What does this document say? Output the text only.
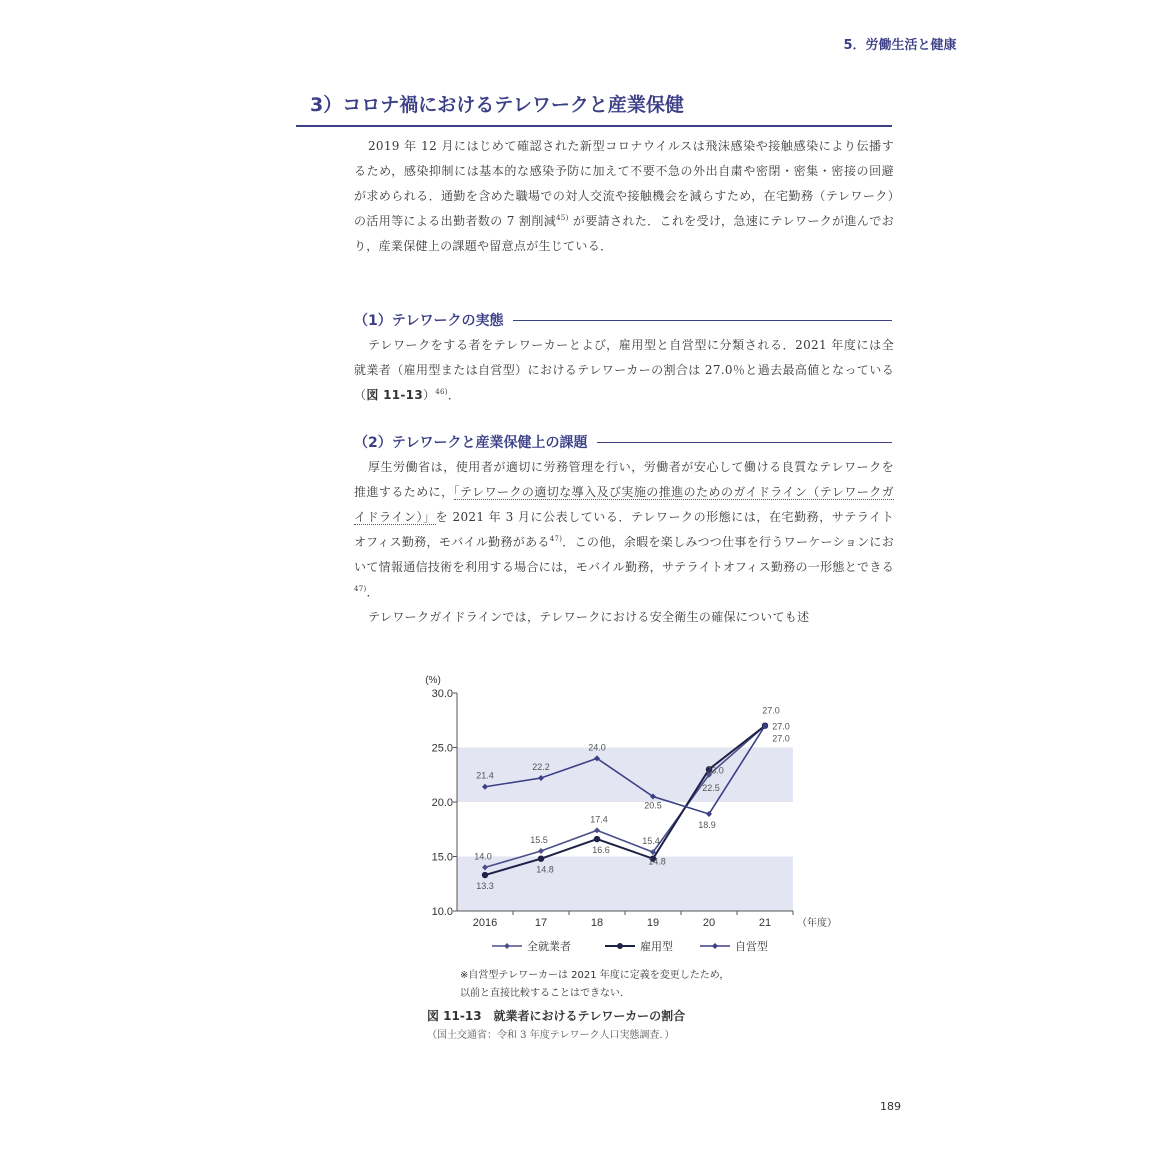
5．労働生活と健康
3）コロナ禍におけるテレワークと産業保健

2019 年 12 月にはじめて確認された新型コロナウイルスは飛沫感染や接触感染により伝播するため，感染抑制には基本的な感染予防に加えて不要不急の外出自粛や密閉・密集・密接の回避が求められる．通勤を含めた職場での対人交流や接触機会を減らすため，在宅勤務（テレワーク）の活用等による出勤者数の 7 割削減$^{45)}$ が要請された．これを受け，急速にテレワークが進んでおり，産業保健上の課題や留意点が生じている．

（1）テレワークの実態

テレワークをする者をテレワーカーとよび，雇用型と自営型に分類される．2021 年度には全就業者（雇用型または自営型）におけるテレワーカーの割合は 27.0％と過去最高値となっている（図 11-13）$^{46)}$．

（2）テレワークと産業保健上の課題

厚生労働省は，使用者が適切に労務管理を行い，労働者が安心して働ける良質なテレワークを推進するために，「テレワークの適切な導入及び実施の推進のためのガイドライン（テレワークガイドライン）」を 2021 年 3 月に公表している．テレワークの形態には，在宅勤務，サテライトオフィス勤務，モバイル勤務がある$^{47)}$．この他，余暇を楽しみつつ仕事を行うワーケーションにおいて情報通信技術を利用する場合には，モバイル勤務，サテライトオフィス勤務の一形態とできる$^{47)}$．

テレワークガイドラインでは，テレワークにおける安全衛生の確保についても述

10.0
15.0
20.0
25.0
30.0
(%)
2016	17	18	19	20	21	（年度）
14.0
15.5
17.4
15.4
22.5
27.0
13.3
14.8
16.6
14.8
23.0
27.0
21.4
22.2
24.0
20.5
18.9
27.0
全就業者	雇用型	自営型
※自営型テレワーカーは 2021 年度に定義を変更したため，
以前と直接比較することはできない．
図 11-13　就業者におけるテレワーカーの割合
（国土交通省：令和 3 年度テレワーク人口実態調査．）
189
